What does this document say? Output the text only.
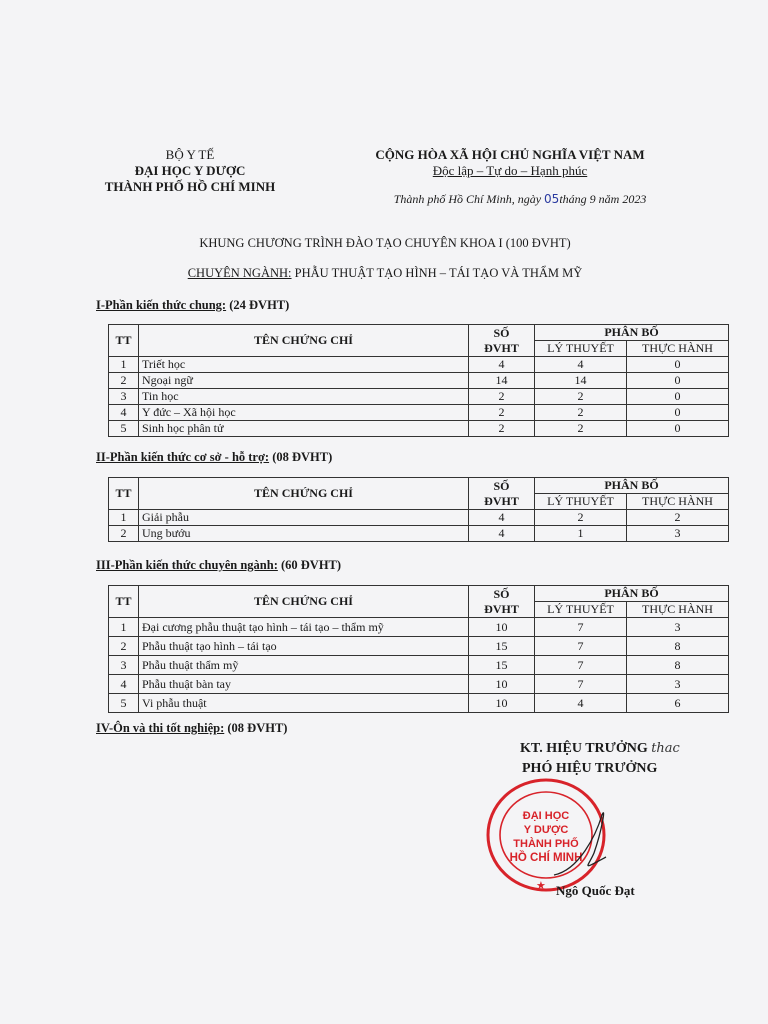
BỘ Y TẾ
ĐẠI HỌC Y DƯỢC
THÀNH PHỐ HỒ CHÍ MINH
CỘNG HÒA XÃ HỘI CHỦ NGHĨA VIỆT NAM
Độc lập – Tự do – Hạnh phúc
Thành phố Hồ Chí Minh, ngày 05tháng 9 năm 2023
KHUNG CHƯƠNG TRÌNH ĐÀO TẠO CHUYÊN KHOA I (100 ĐVHT)
CHUYÊN NGÀNH: PHẪU THUẬT TẠO HÌNH – TÁI TẠO VÀ THẨM MỸ
I-Phần kiến thức chung: (24 ĐVHT)
TT	TÊN CHỨNG CHỈ	SỐ
ĐVHT	PHÂN BỐ	
			LÝ THUYẾT	THỰC HÀNH
1	Triết học	4	4	0
2	Ngoại ngữ	14	14	0
3	Tin học	2	2	0
4	Y đức – Xã hội học	2	2	0
5	Sinh học phân tử	2	2	0
II-Phần kiến thức cơ sở - hỗ trợ: (08 ĐVHT)
TT	TÊN CHỨNG CHỈ	SỐ
ĐVHT	PHÂN BỐ	
			LÝ THUYẾT	THỰC HÀNH
1	Giải phẫu	4	2	2
2	Ung bướu	4	1	3
III-Phần kiến thức chuyên ngành: (60 ĐVHT)
TT	TÊN CHỨNG CHỈ	SỐ
ĐVHT	PHÂN BỐ	
			LÝ THUYẾT	THỰC HÀNH
1	Đại cương phẫu thuật tạo hình – tái tạo – thẩm mỹ	10	7	3
2	Phẫu thuật tạo hình – tái tạo	15	7	8
3	Phẫu thuật thẩm mỹ	15	7	8
4	Phẫu thuật bàn tay	10	7	3
5	Vi phẫu thuật	10	4	6
IV-Ôn và thi tốt nghiệp: (08 ĐVHT)
KT. HIỆU TRƯỞNG thac
PHÓ HIỆU TRƯỞNG
ĐẠI HỌC
Y DƯỢC
THÀNH PHỐ
HỒ CHÍ MINH
★ Ngô Quốc Đạt
